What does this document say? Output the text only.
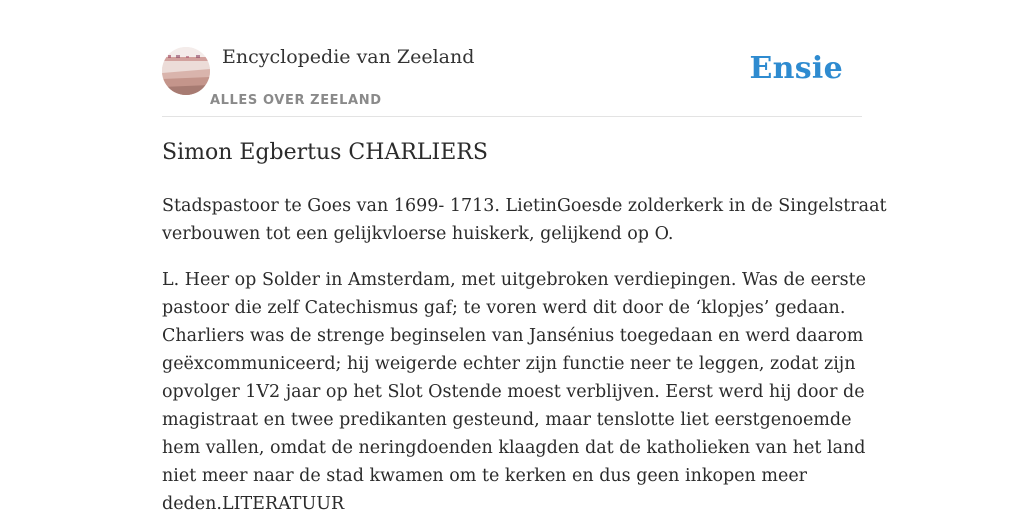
Encyclopedie van Zeeland
ALLES OVER ZEELAND
Ensie
Simon Egbertus CHARLIERS

Stadspastoor te Goes van 1699- 1713. LietinGoesde zolderkerk in de Singelstraat
verbouwen tot een gelijkvloerse huiskerk, gelijkend op O.

L. Heer op Solder in Amsterdam, met uitgebroken verdiepingen. Was de eerste
pastoor die zelf Catechismus gaf; te voren werd dit door de ‘klopjes’ gedaan.
Charliers was de strenge beginselen van Jansénius toegedaan en werd daarom
geëxcommuniceerd; hij weigerde echter zijn functie neer te leggen, zodat zijn
opvolger 1V2 jaar op het Slot Ostende moest verblijven. Eerst werd hij door de
magistraat en twee predikanten gesteund, maar tenslotte liet eerstgenoemde
hem vallen, omdat de neringdoenden klaagden dat de katholieken van het land
niet meer naar de stad kwamen om te kerken en dus geen inkopen meer
deden.LITERATUUR
